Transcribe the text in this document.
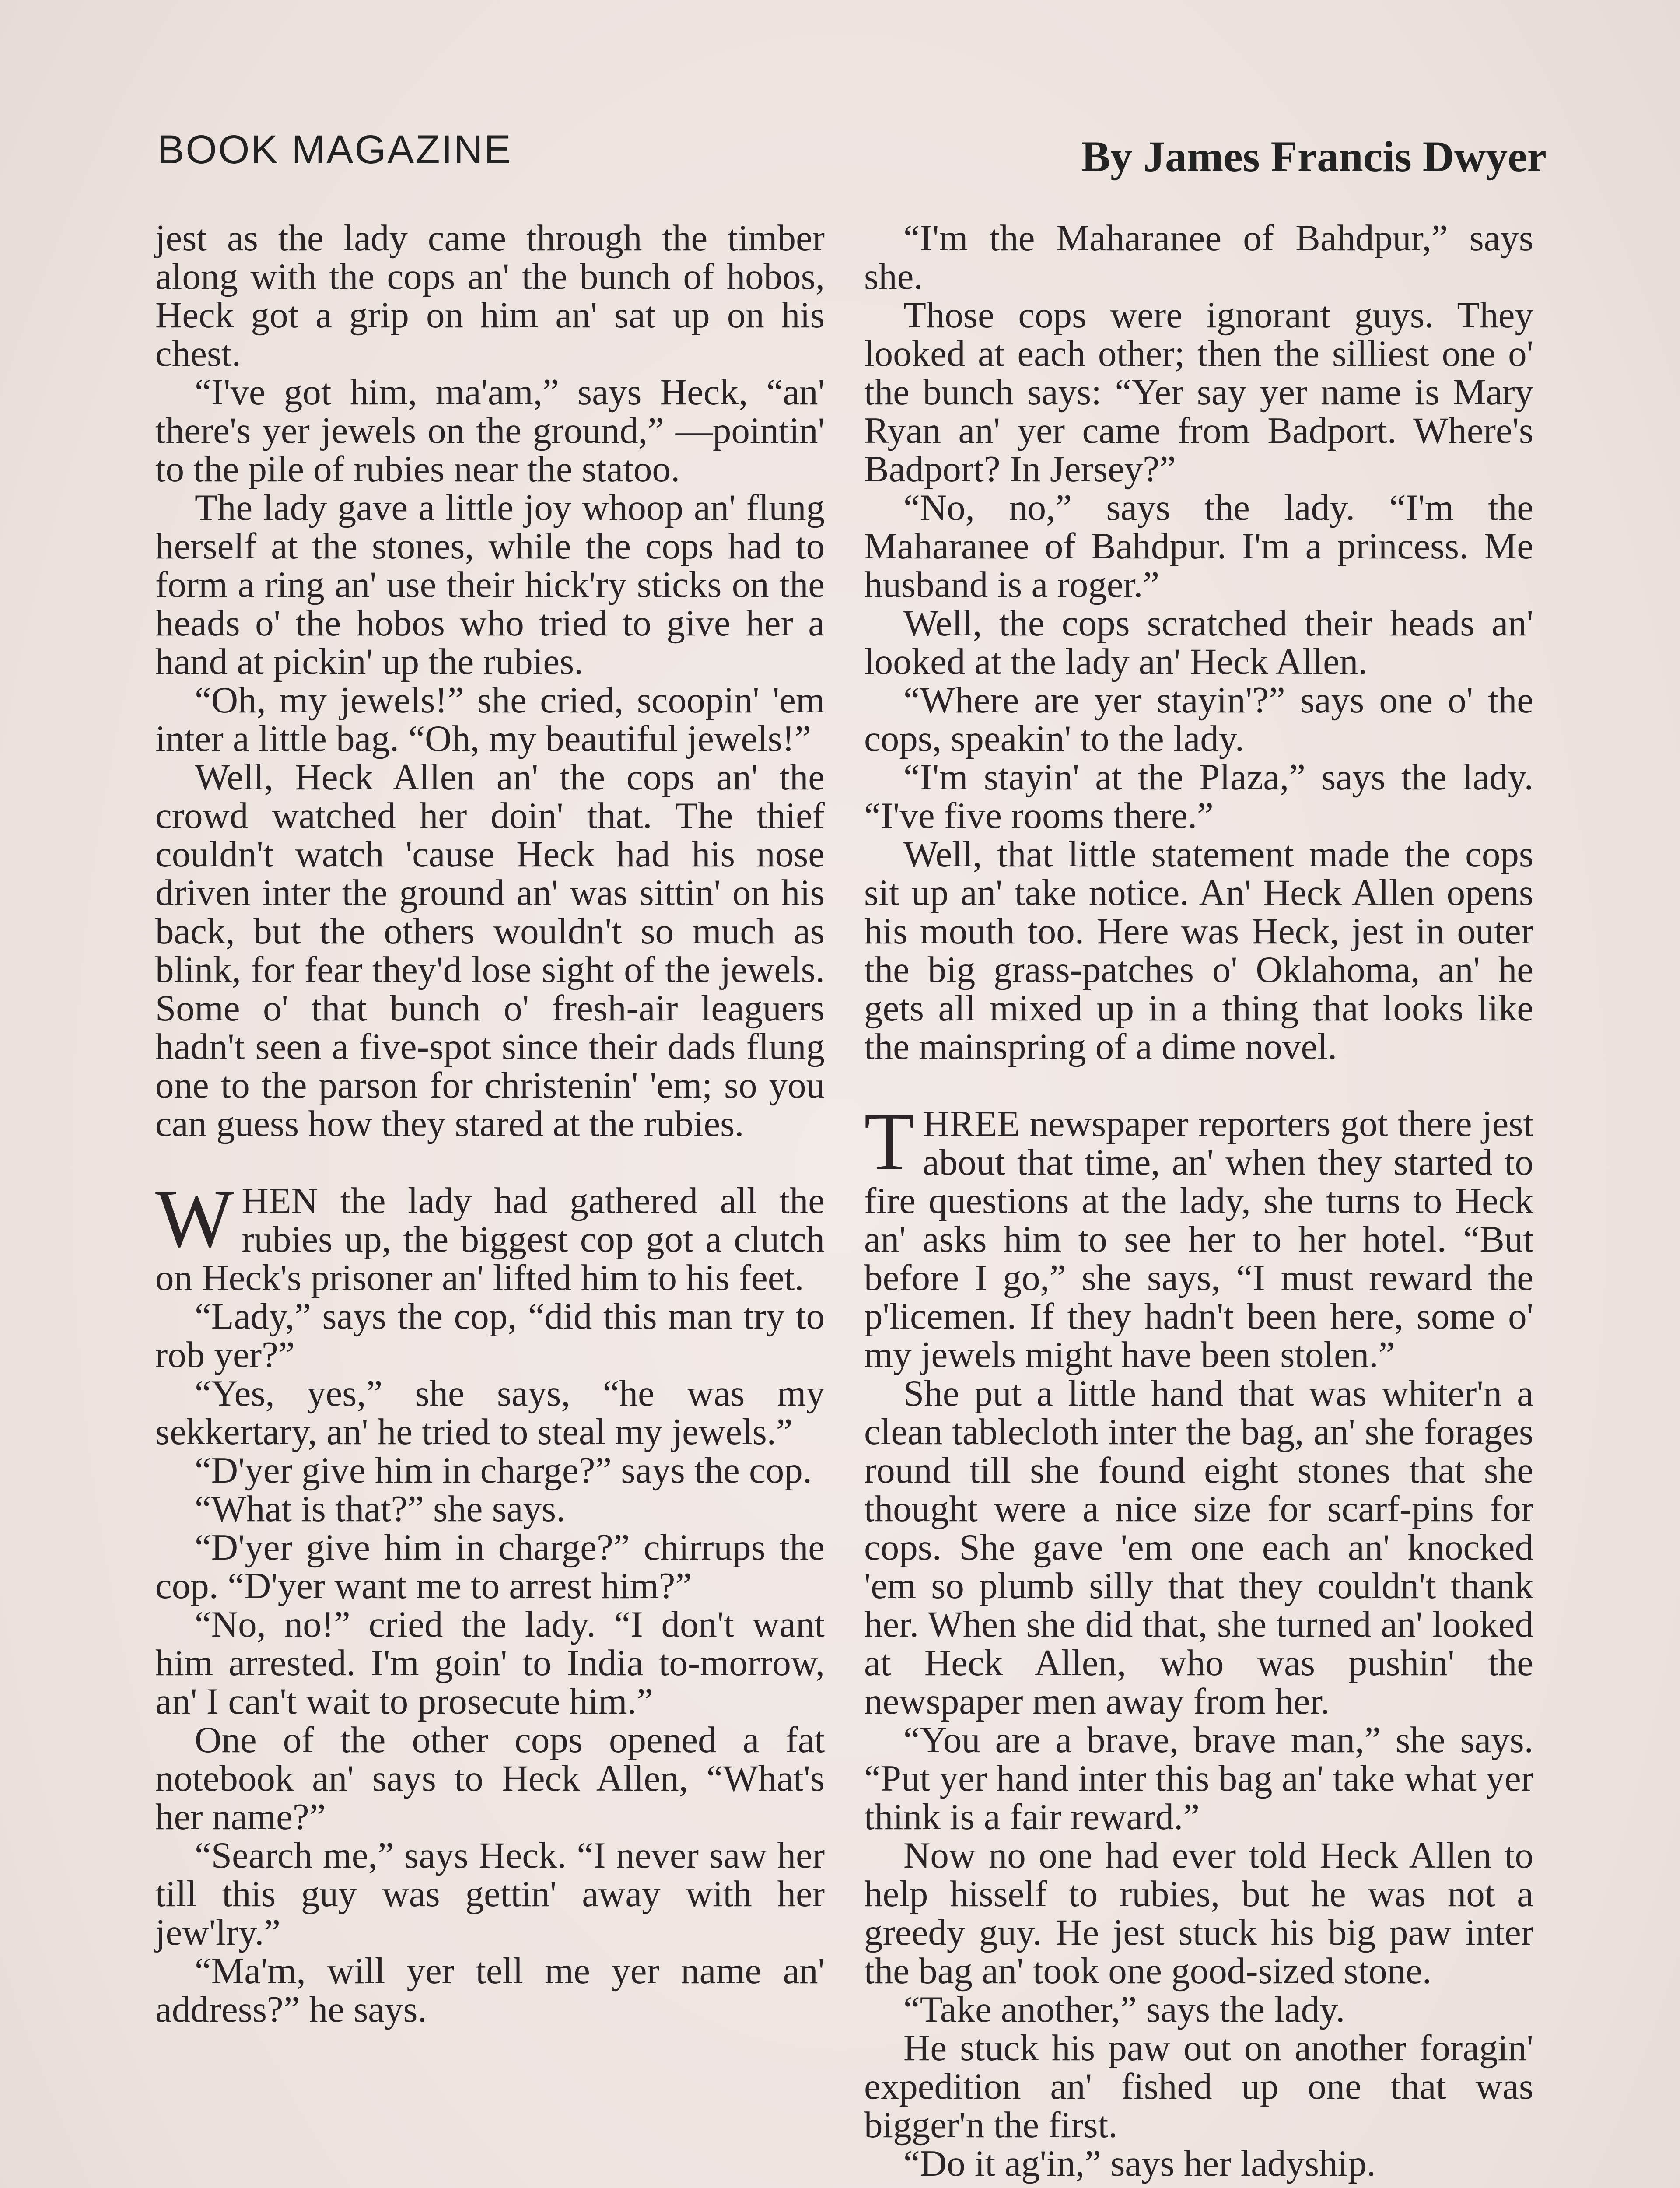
BOOK MAGAZINE	By James Francis Dwyer

jest as the lady came through the timber along with the cops an' the bunch of hobos, Heck got a grip on him an' sat up on his chest.

“I've got him, ma'am,” says Heck, “an' there's yer jewels on the ground,” —pointin' to the pile of rubies near the statoo.

The lady gave a little joy whoop an' flung herself at the stones, while the cops had to form a ring an' use their hick'ry sticks on the heads o' the hobos who tried to give her a hand at pickin' up the rubies.

“Oh, my jewels!” she cried, scoopin' 'em inter a little bag. “Oh, my beautiful jewels!”

Well, Heck Allen an' the cops an' the crowd watched her doin' that. The thief couldn't watch 'cause Heck had his nose driven inter the ground an' was sittin' on his back, but the others wouldn't so much as blink, for fear they'd lose sight of the jewels. Some o' that bunch o' fresh-air leaguers hadn't seen a five-spot since their dads flung one to the parson for christenin' 'em; so you can guess how they stared at the rubies.

WHEN the lady had gathered all the rubies up, the biggest cop got a clutch on Heck's prisoner an' lifted him to his feet.

“Lady,” says the cop, “did this man try to rob yer?”

“Yes, yes,” she says, “he was my sekkertary, an' he tried to steal my jewels.”

“D'yer give him in charge?” says the cop.

“What is that?” she says.

“D'yer give him in charge?” chirrups the cop. “D'yer want me to arrest him?”

“No, no!” cried the lady. “I don't want him arrested. I'm goin' to India to-morrow, an' I can't wait to prosecute him.”

One of the other cops opened a fat notebook an' says to Heck Allen, “What's her name?”

“Search me,” says Heck. “I never saw her till this guy was gettin' away with her jew'lry.”

“Ma'm, will yer tell me yer name an' address?” he says.

“I'm the Maharanee of Bahdpur,” says she.

Those cops were ignorant guys. They looked at each other; then the silliest one o' the bunch says: “Yer say yer name is Mary Ryan an' yer came from Badport. Where's Badport? In Jersey?”

“No, no,” says the lady. “I'm the Maharanee of Bahdpur. I'm a princess. Me husband is a roger.”

Well, the cops scratched their heads an' looked at the lady an' Heck Allen.

“Where are yer stayin'?” says one o' the cops, speakin' to the lady.

“I'm stayin' at the Plaza,” says the lady. “I've five rooms there.”

Well, that little statement made the cops sit up an' take notice. An' Heck Allen opens his mouth too. Here was Heck, jest in outer the big grass-patches o' Oklahoma, an' he gets all mixed up in a thing that looks like the mainspring of a dime novel.

THREE newspaper reporters got there jest about that time, an' when they started to fire questions at the lady, she turns to Heck an' asks him to see her to her hotel. “But before I go,” she says, “I must reward the p'licemen. If they hadn't been here, some o' my jewels might have been stolen.”

She put a little hand that was whiter'n a clean tablecloth inter the bag, an' she forages round till she found eight stones that she thought were a nice size for scarf-pins for cops. She gave 'em one each an' knocked 'em so plumb silly that they couldn't thank her. When she did that, she turned an' looked at Heck Allen, who was pushin' the newspaper men away from her.

“You are a brave, brave man,” she says. “Put yer hand inter this bag an' take what yer think is a fair reward.”

Now no one had ever told Heck Allen to help hisself to rubies, but he was not a greedy guy. He jest stuck his big paw inter the bag an' took one good-sized stone.

“Take another,” says the lady.

He stuck his paw out on another foragin' expedition an' fished up one that was bigger'n the first.

“Do it ag'in,” says her ladyship.
